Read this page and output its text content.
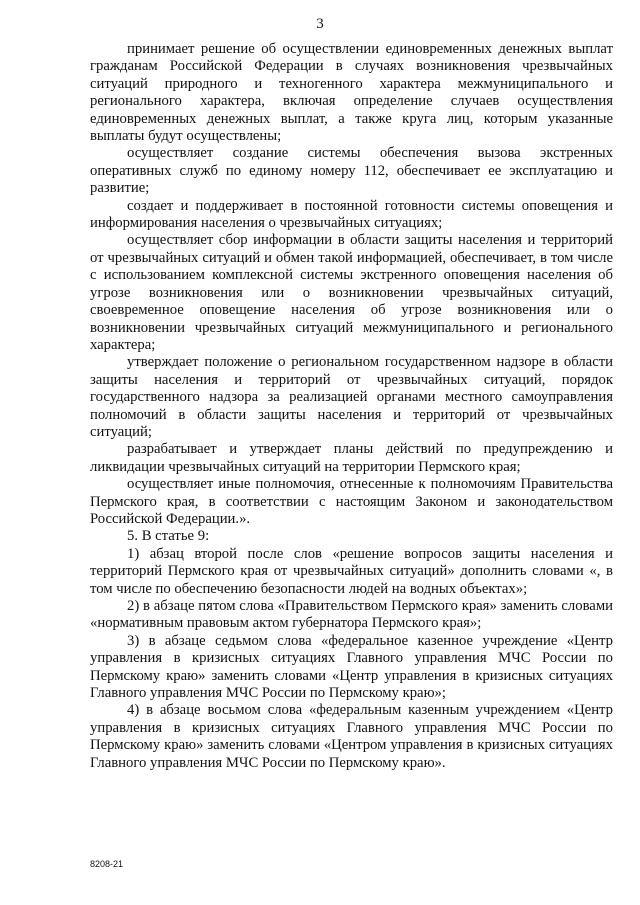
3

принимает решение об осуществлении единовременных денежных выплат гражданам Российской Федерации в случаях возникновения чрезвычайных ситуаций природного и техногенного характера межмуниципального и регионального характера, включая определение случаев осуществления единовременных денежных выплат, а также круга лиц, которым указанные выплаты будут осуществлены;

осуществляет создание системы обеспечения вызова экстренных оперативных служб по единому номеру 112, обеспечивает ее эксплуатацию и развитие;

создает и поддерживает в постоянной готовности системы оповещения и информирования населения о чрезвычайных ситуациях;

осуществляет сбор информации в области защиты населения и территорий от чрезвычайных ситуаций и обмен такой информацией, обеспечивает, в том числе с использованием комплексной системы экстренного оповещения населения об угрозе возникновения или о возникновении чрезвычайных ситуаций, своевременное оповещение населения об угрозе возникновения или о возникновении чрезвычайных ситуаций межмуниципального и регионального характера;

утверждает положение о региональном государственном надзоре в области защиты населения и территорий от чрезвычайных ситуаций, порядок государственного надзора за реализацией органами местного самоуправления полномочий в области защиты населения и территорий от чрезвычайных ситуаций;

разрабатывает и утверждает планы действий по предупреждению и ликвидации чрезвычайных ситуаций на территории Пермского края;

осуществляет иные полномочия, отнесенные к полномочиям Правительства Пермского края, в соответствии с настоящим Законом и законодательством Российской Федерации.».

5. В статье 9:

1) абзац второй после слов «решение вопросов защиты населения и территорий Пермского края от чрезвычайных ситуаций» дополнить словами «, в том числе по обеспечению безопасности людей на водных объектах»;

2) в абзаце пятом слова «Правительством Пермского края» заменить словами «нормативным правовым актом губернатора Пермского края»;

3) в абзаце седьмом слова «федеральное казенное учреждение «Центр управления в кризисных ситуациях Главного управления МЧС России по Пермскому краю» заменить словами «Центр управления в кризисных ситуациях Главного управления МЧС России по Пермскому краю»;

4) в абзаце восьмом слова «федеральным казенным учреждением «Центр управления в кризисных ситуациях Главного управления МЧС России по Пермскому краю» заменить словами «Центром управления в кризисных ситуациях Главного управления МЧС России по Пермскому краю».

8208-21
